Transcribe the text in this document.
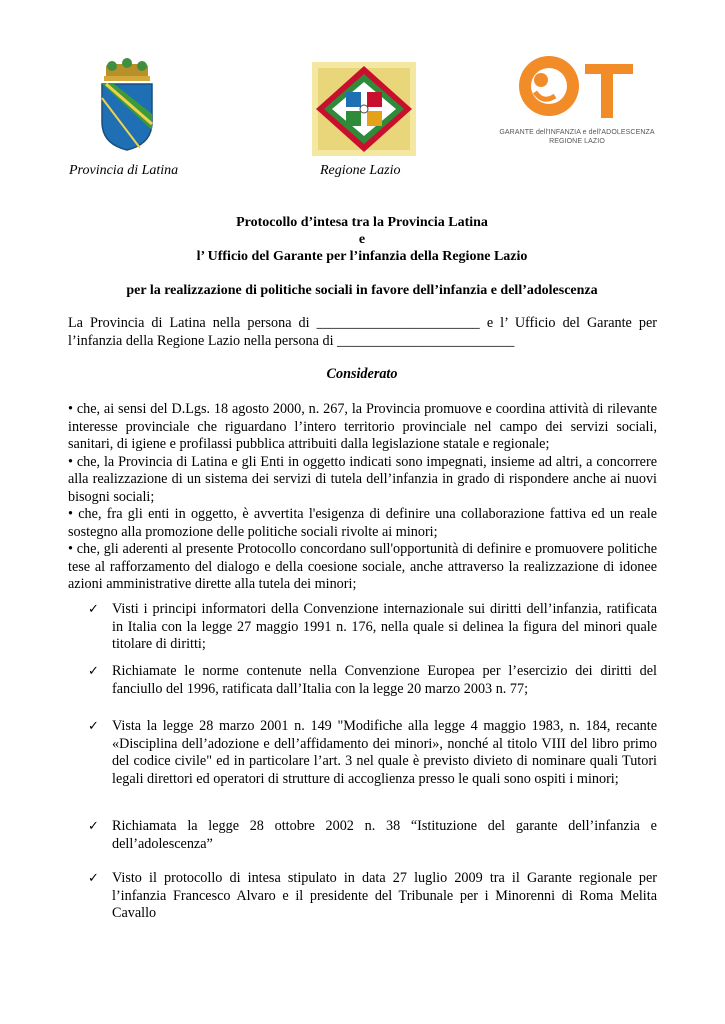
GARANTE dell'INFANZIA e dell'ADOLESCENZA
REGIONE LAZIO
Provincia di Latina	Regione Lazio
Protocollo d’intesa tra la Provincia Latina
e
l’ Ufficio del Garante per l’infanzia della Regione Lazio
per la realizzazione di politiche sociali in favore dell’infanzia e dell’adolescenza

La Provincia di Latina nella persona di _______________________ e l’ Ufficio del Garante per l’infanzia della Regione Lazio nella persona di _________________________

Considerato
• che, ai sensi del D.Lgs. 18 agosto 2000, n. 267, la Provincia promuove e coordina attività di rilevante interesse provinciale che riguardano l’intero territorio provinciale nel campo dei servizi sociali, sanitari, di igiene e profilassi pubblica attribuiti dalla legislazione statale e regionale;
• che, la Provincia di Latina e gli Enti in oggetto indicati sono impegnati, insieme ad altri, a concorrere alla realizzazione di un sistema dei servizi di tutela dell’infanzia in grado di rispondere anche ai nuovi bisogni sociali;
• che, fra gli enti in oggetto, è avvertita l'esigenza di definire una collaborazione fattiva ed un reale sostegno alla promozione delle politiche sociali rivolte ai minori;
• che, gli aderenti al presente Protocollo concordano sull'opportunità di definire e promuovere politiche tese al rafforzamento del dialogo e della coesione sociale, anche attraverso la realizzazione di idonee azioni amministrative dirette alla tutela dei minori;
✓ Visti i principi informatori della Convenzione internazionale sui diritti dell’infanzia, ratificata in Italia con la legge 27 maggio 1991 n. 176, nella quale si delinea la figura del minori quale titolare di diritti;
✓ Richiamate le norme contenute nella Convenzione Europea per l’esercizio dei diritti del fanciullo del 1996, ratificata dall’Italia con la legge 20 marzo 2003 n. 77;
✓ Vista la legge 28 marzo 2001 n. 149 "Modifiche alla legge 4 maggio 1983, n. 184, recante «Disciplina dell’adozione e dell’affidamento dei minori», nonché al titolo VIII del libro primo del codice civile" ed in particolare l’art. 3 nel quale è previsto divieto di nominare quali Tutori legali direttori ed operatori di strutture di accoglienza presso le quali sono ospiti i minori;
✓ Richiamata la legge 28 ottobre 2002 n. 38 “Istituzione del garante dell’infanzia e dell’adolescenza”
✓ Visto il protocollo di intesa stipulato in data 27 luglio 2009 tra il Garante regionale per l’infanzia Francesco Alvaro e il presidente del Tribunale per i Minorenni di Roma Melita Cavallo
